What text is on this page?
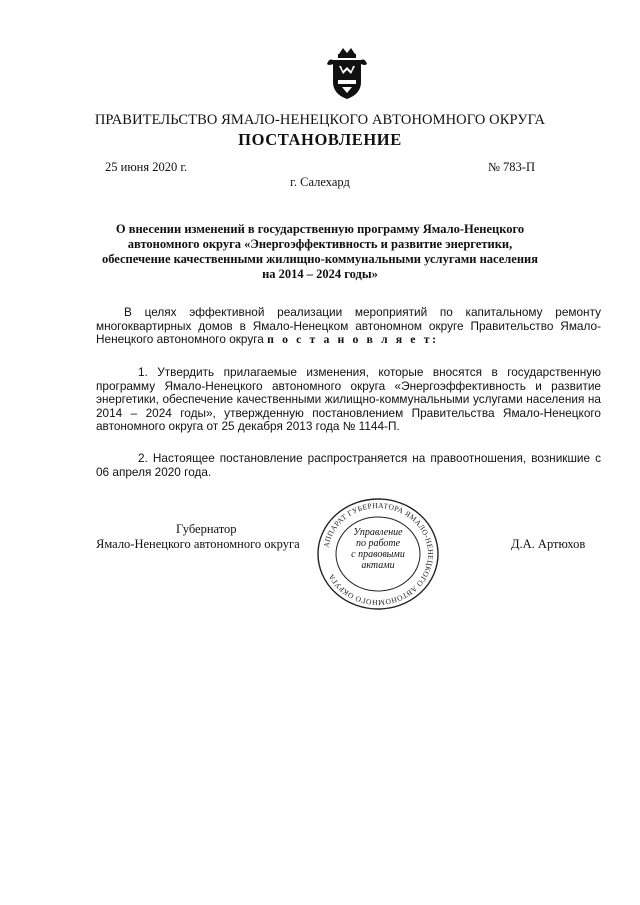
ПРАВИТЕЛЬСТВО ЯМАЛО-НЕНЕЦКОГО АВТОНОМНОГО ОКРУГА
ПОСТАНОВЛЕНИЕ
25 июня 2020 г.	№ 783-П
г. Салехард
О внесении изменений в государственную программу Ямало-Ненецкого автономного округа «Энергоэффективность и развитие энергетики, обеспечение качественными жилищно-коммунальными услугами населения на 2014 – 2024 годы»
В целях эффективной реализации мероприятий по капитальному ремонту многоквартирных домов в Ямало-Ненецком автономном округе Правительство Ямало-Ненецкого автономного округа п о с т а н о в л я е т:
1. Утвердить прилагаемые изменения, которые вносятся в государственную программу Ямало-Ненецкого автономного округа «Энергоэффективность и развитие энергетики, обеспечение качественными жилищно-коммунальными услугами населения на 2014 – 2024 годы», утвержденную постановлением Правительства Ямало-Ненецкого автономного округа от 25 декабря 2013 года № 1144-П.
2. Настоящее постановление распространяется на правоотношения, возникшие с 06 апреля 2020 года.
Губернатор
Ямало-Ненецкого автономного округа	Д.А. Артюхов
АППАРАТ ГУБЕРНАТОРА ЯМАЛО-НЕНЕЦКОГО АВТОНОМНОГО ОКРУГА
Управление
по работе
с правовыми
актами
